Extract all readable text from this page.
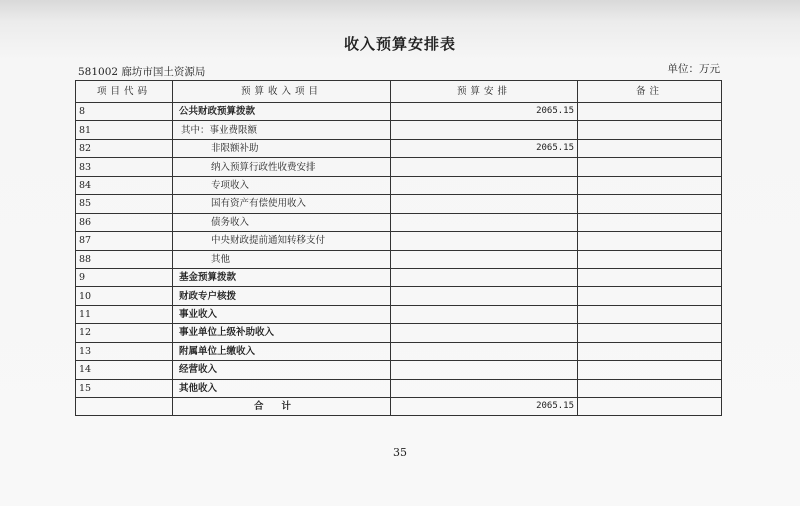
收入预算安排表
581002 廊坊市国土资源局	单位：万元
项目代码	预算收入项目	预算安排	备注
8	公共财政预算拨款	2065.15	
81	其中：事业费限额		
82	非限额补助	2065.15	
83	纳入预算行政性收费安排		
84	专项收入		
85	国有资产有偿使用收入		
86	债务收入		
87	中央财政提前通知转移支付		
88	其他		
9	基金预算拨款		
10	财政专户核拨		
11	事业收入		
12	事业单位上级补助收入		
13	附属单位上缴收入		
14	经营收入		
15	其他收入		
	合计	2065.15	
35
